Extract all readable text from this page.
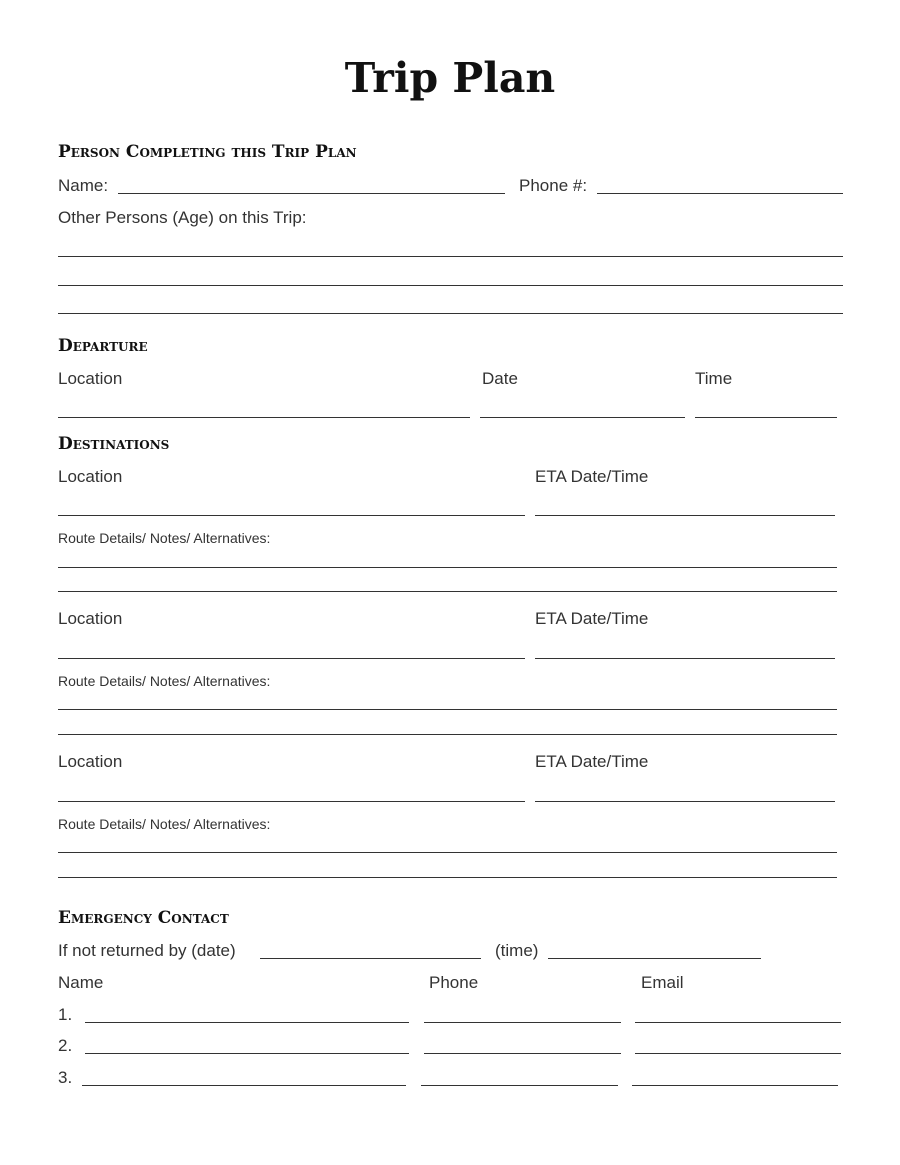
Trip Plan
Person Completing this Trip Plan
Name:	Phone #:
Other Persons (Age) on this Trip:
Departure
Location	Date	Time
Destinations
Location	ETA Date/Time
Route Details/ Notes/ Alternatives:
Location	ETA Date/Time
Route Details/ Notes/ Alternatives:
Location	ETA Date/Time
Route Details/ Notes/ Alternatives:
Emergency Contact
If not returned by (date)	(time)
Name	Phone	Email
1.
2.
3.
